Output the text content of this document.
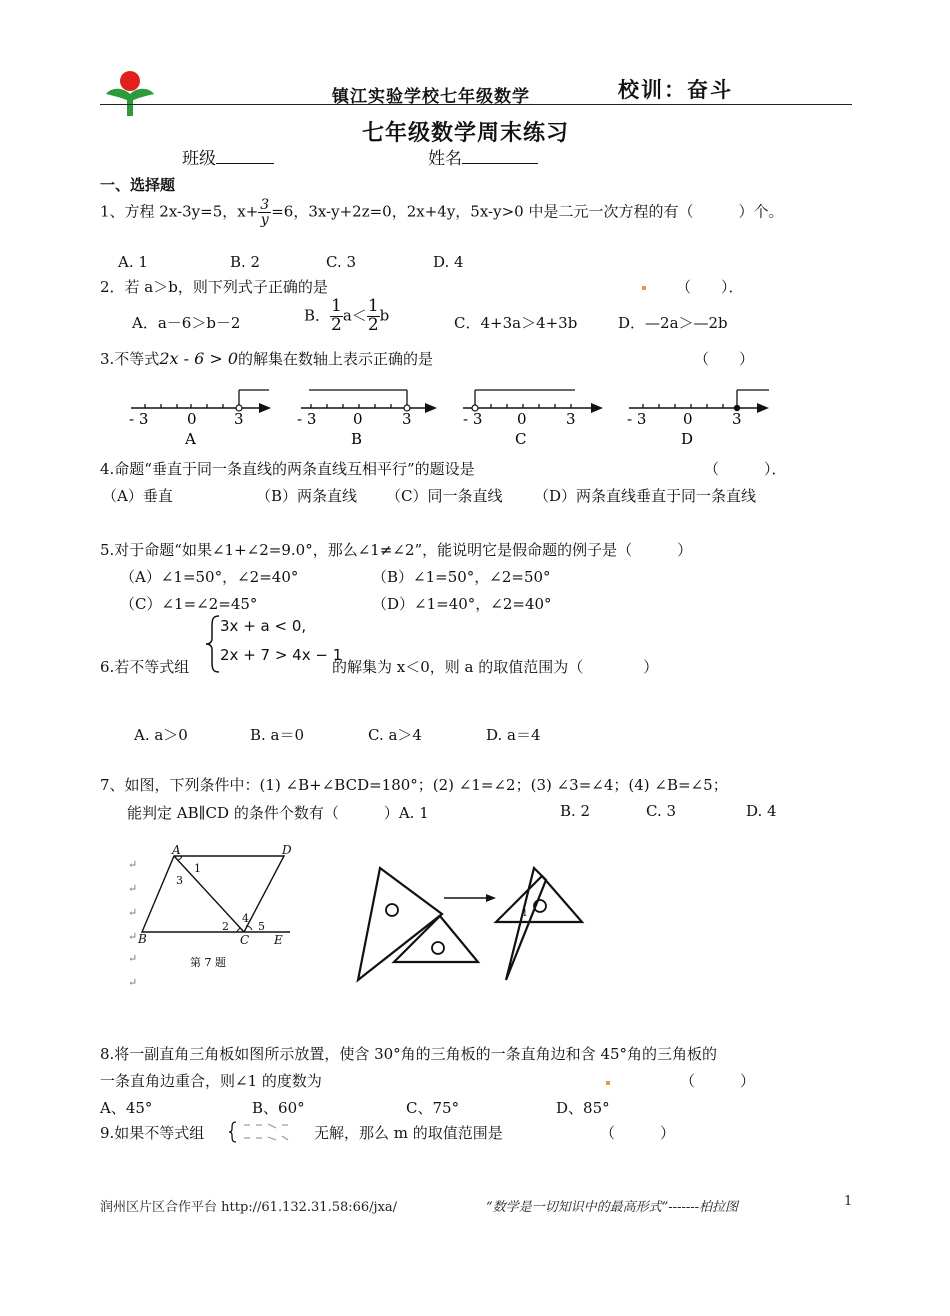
镇江实验学校七年级数学	校训：奋斗
七年级数学周末练习
班级	姓名
一、选择题
1、方程 2x-3y=5，$x+ \frac{3}{y} =6$，3x-y+2z=0，2x+4y，5x-y>0 中是二元一次方程的有（　　　）个。
A. 1	B. 2	C. 3	D. 4
2．若 a＞b，则下列式子正确的是	（　　）．
A．a－6＞b－2	B． $\frac{1}{2} a< \frac{1}{2}$ b	C．4+3a＞4+3b	D．—2a＞—2b
3.不等式2x - 6 > 0的解集在数轴上表示正确的是	（　　）
- 3	0 3
A
- 3 0	3
B
- 3 0	3
C
- 3 0	3
D
4.命题“垂直于同一条直线的两条直线互相平行”的题设是	（　　　）．
（A）垂直	（B）两条直线 （C）同一条直线 （D）两条直线垂直于同一条直线
5.对于命题“如果∠1+∠2=9.0°，那么∠1≠∠2”，能说明它是假命题的例子是（　　　）
（A）∠1=50°，∠2=40°	（B）∠1=50°，∠2=50°
（C）∠1=∠2=45°	（D）∠1=40°，∠2=40°
3x + a < 0,
2x + 7 > 4x − 1
6.若不等式组	的解集为 x＜0，则 a 的取值范围为（　　　　）
A. a＞0	B. a＝0	C. a＞4	D. a＝4
7、如图，下列条件中：(1) ∠B+∠BCD=180°；(2) ∠1=∠2；(3) ∠3=∠4；(4) ∠B=∠5；
能判定 AB∥CD 的条件个数有（　　　）A. 1	B. 2	C. 3	D. 4
↵
↵
↵
↵
↵
↵
A	D
B	C E
1
3
4
2	5
第 7 题
1
8.将一副直角三角板如图所示放置，使含 30°角的三角板的一条直角边和含 45°角的三角板的
一条直角边重合，则∠1 的度数为	（　　　）
A、45°	B、60°	C、75°	D、85°
9.如果不等式组	无解，那么 m 的取值范围是	（　　　）
润州区片区合作平台 http://61.132.31.58:66/jxa/	“数学是一切知识中的最高形式”-------柏拉图	1
